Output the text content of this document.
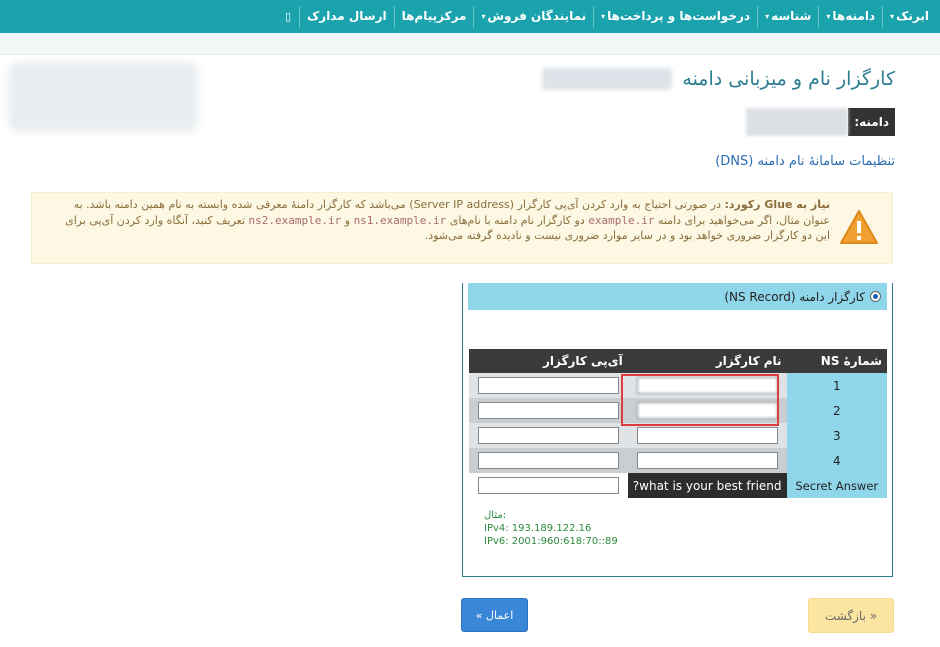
ابرنک
▾
دامنه‌ها
▾
شناسه
▾
درخواست‌ها و پرداخت‌ها
▾
نمایندگان فروش
▾
مرکزپیام‌ها
ارسال مدارک
▯
کارگزار نام و میزبانی دامنه
دامنه:
تنظیمات سامانهٔ نام دامنه (DNS)
نیاز به Glue رکورد: در صورتی احتیاج به وارد کردن آی‌پی کارگزار (Server IP address) می‌باشد که کارگزار دامنهٔ معرفی شده وابسته به نام همین دامنه باشد. به عنوان مثال، اگر می‌خواهید برای دامنه example.ir دو کارگزار نام دامنه با نام‌های ns1.example.ir و ns2.example.ir تعریف کنید، آنگاه وارد کردن آی‌پی برای این دو کارگزار ضروری خواهد بود و در سایر موارد ضروری نیست و نادیده گرفته می‌شود.
کارگزار دامنه (NS Record)
شمارهٔ NS	نام کارگزار	آی‌پی کارگزار
1	

2	

3	

4	

Secret Answer	what is your best friend?	
مثال:
IPv4: 193.189.122.16
IPv6: 2001:960:618:70::89
اعمال »	« بازگشت
